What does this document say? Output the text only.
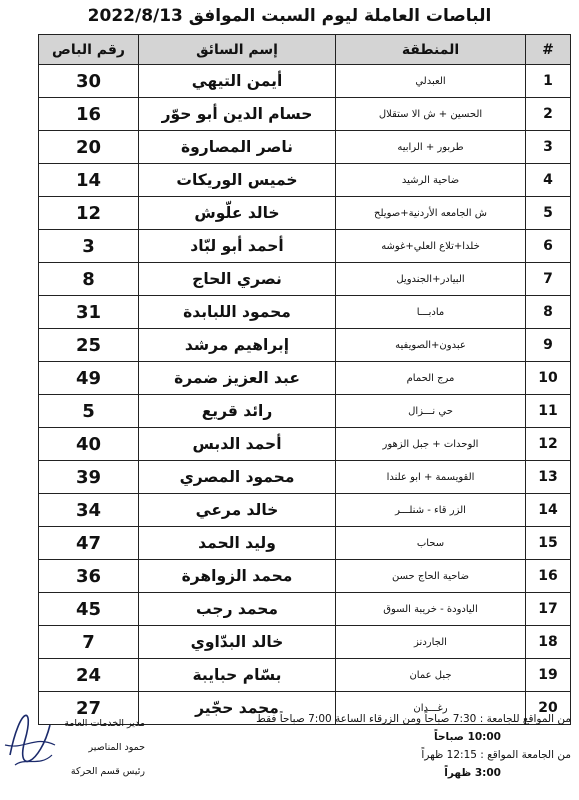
الباصات العاملة ليوم السبت الموافق 2022/8/13
#	المنطقة	إسم السائق	رقم الباص
1	العبدلي	أيمن التيهي	30
2	الحسين + ش الا ستقلال	حسام الدين أبو حوّر	16
3	طربور + الرابيه	ناصر المصاروة	20
4	ضاحية الرشيد	خميس الوريكات	14
5	ش الجامعه الأردنية+صويلح	خالد علّوش	12
6	خلدا+تلاع العلي+غوشه	أحمد أبو لبّاد	3
7	البيادر+الجندويل	نصري الحاج	8
8	مادبـــا	محمود اللبابدة	31
9	عبدون+الصويفيه	إبراهيم مرشد	25
10	مرج الحمام	عبد العزيز ضمرة	49
11	حي نـــزال	رائد قريع	5
12	الوحدات + جبل الزهور	أحمد الدبس	40
13	القويسمة + ابو علندا	محمود المصري	39
14	الزر قاء - شنلـــر	خالد مرعي	34
15	سحاب	وليد الحمد	47
16	ضاحية الحاج حسن	محمد الزواهرة	36
17	اليادودة - خريبة السوق	محمد رجب	45
18	الجاردنز	خالد البدّاوي	7
19	جبل عمان	بسّام حبايبة	24
20	رغـــدان	محمد حجّير	27
من المواقع للجامعة : 7:30 صباحاً ومن الزرقاء الساعة 7:00 صباحاً فقط
10:00 صباحاً
من الجامعة المواقع : 12:15 ظهراً
3:00 ظهراً
مدير الخدمات العامة
حمود المناصير
رئيس قسم الحركة
